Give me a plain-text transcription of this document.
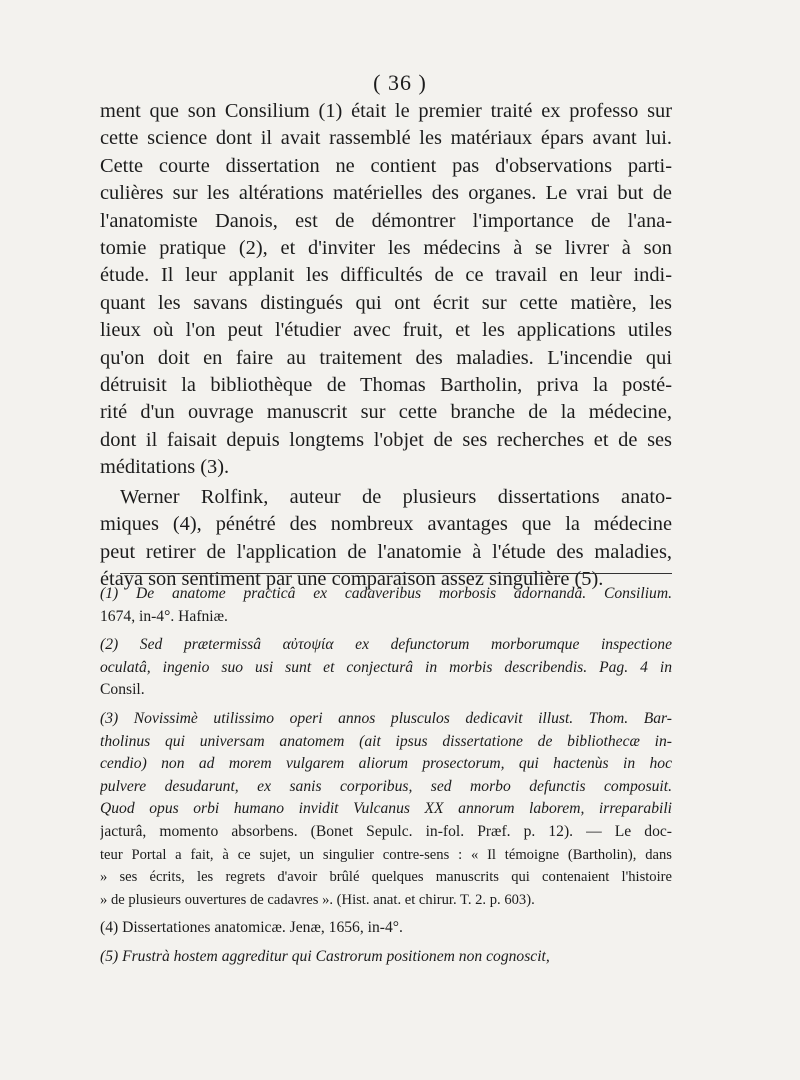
( 36 )
ment que son Consilium (1) était le premier traité ex professo sur
cette science dont il avait rassemblé les matériaux épars avant lui.
Cette courte dissertation ne contient pas d'observations parti-
culières sur les altérations matérielles des organes. Le vrai but de
l'anatomiste Danois, est de démontrer l'importance de l'ana-
tomie pratique (2), et d'inviter les médecins à se livrer à son
étude. Il leur applanit les difficultés de ce travail en leur indi-
quant les savans distingués qui ont écrit sur cette matière, les
lieux où l'on peut l'étudier avec fruit, et les applications utiles
qu'on doit en faire au traitement des maladies. L'incendie qui
détruisit la bibliothèque de Thomas Bartholin, priva la posté-
rité d'un ouvrage manuscrit sur cette branche de la médecine,
dont il faisait depuis longtems l'objet de ses recherches et de ses
méditations (3).
Werner Rolfink, auteur de plusieurs dissertations anato-
miques (4), pénétré des nombreux avantages que la médecine
peut retirer de l'application de l'anatomie à l'étude des maladies,
étaya son sentiment par une comparaison assez singulière (5).
(1) De anatome practicâ ex cadaveribus morbosis adornandâ. Consilium.
1674, in-4°. Hafniæ.
(2) Sed prætermissâ αὐτοψία ex defunctorum morborumque inspectione
oculatâ, ingenio suo usi sunt et conjecturâ in morbis describendis. Pag. 4 in
Consil.
(3) Novissimè utilissimo operi annos plusculos dedicavit illust. Thom. Bar-
tholinus qui universam anatomem (ait ipsus dissertatione de bibliothecæ in-
cendio) non ad morem vulgarem aliorum prosectorum, qui hactenùs in hoc
pulvere desudarunt, ex sanis corporibus, sed morbo defunctis composuit.
Quod opus orbi humano invidit Vulcanus XX annorum laborem, irreparabili
jacturâ, momento absorbens. (Bonet Sepulc. in-fol. Præf. p. 12). — Le doc-
teur Portal a fait, à ce sujet, un singulier contre-sens : « Il témoigne (Bartholin), dans
» ses écrits, les regrets d'avoir brûlé quelques manuscrits qui contenaient l'histoire
» de plusieurs ouvertures de cadavres ». (Hist. anat. et chirur. T. 2. p. 603).
(4) Dissertationes anatomicæ. Jenæ, 1656, in-4°.
(5) Frustrà hostem aggreditur qui Castrorum positionem non cognoscit,
